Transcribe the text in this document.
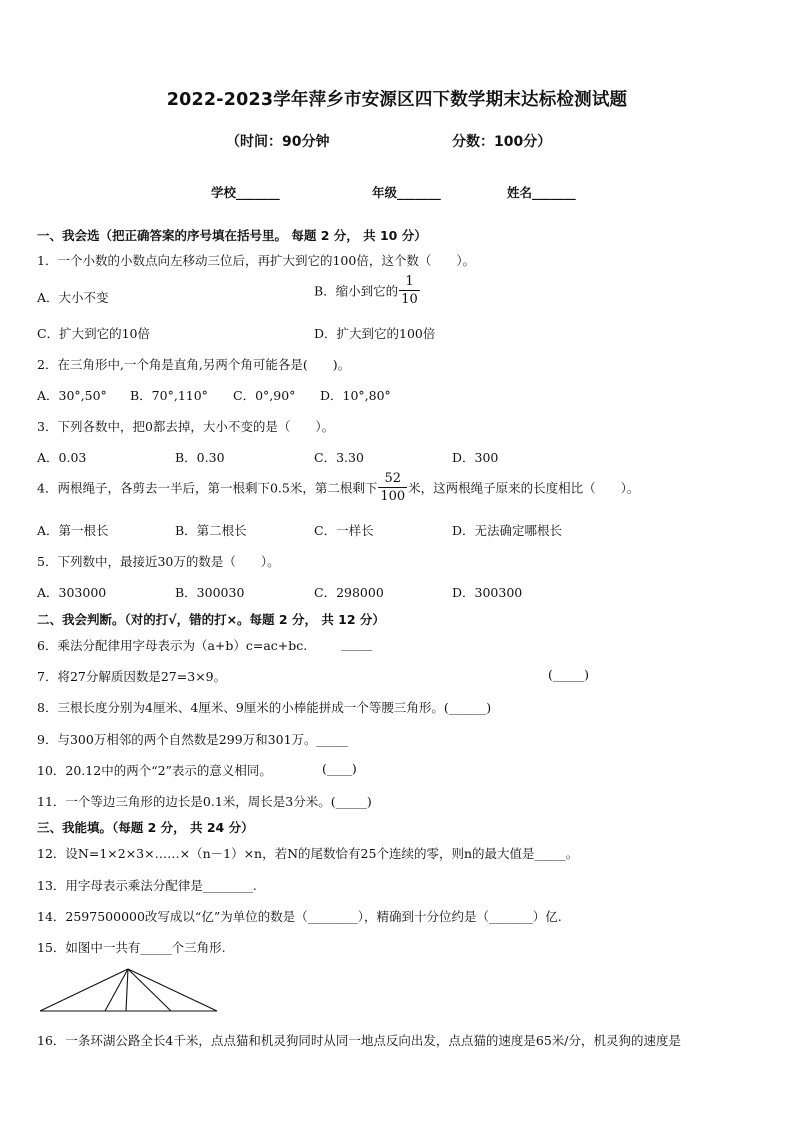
2022-2023学年萍乡市安源区四下数学期末达标检测试题
（时间：90分钟	分数：100分）
学校_______	年级_______	姓名_______
一、我会选（把正确答案的序号填在括号里。 每题 2 分， 共 10 分）
1．一个小数的小数点向左移动三位后，再扩大到它的100倍，这个数（　　）。
A．大小不变	B．缩小到它的 $\frac{1}{10}$
C．扩大到它的10倍	D．扩大到它的100倍
2．在三角形中,一个角是直角,另两个角可能各是(　　)。
A．30°,50° B．70°,110° C．0°,90° D．10°,80°
3．下列各数中，把0都去掉，大小不变的是（　　）。
A．0.03	B．0.30	C．3.30	D．300
4．两根绳子，各剪去一半后，第一根剩下0.5米，第二根剩下 $\frac{52}{100}$ 米，这两根绳子原来的长度相比（　　）。
A．第一根长	B．第二根长	C．一样长	D．无法确定哪根长
5．下列数中，最接近30万的数是（　　）。
A．303000	B．300030	C．298000	D．300300
二、我会判断。（对的打√，错的打×。每题 2 分， 共 12 分）
6．乘法分配律用字母表示为（a+b）c=ac+bc.	_____
7．将27分解质因数是27=3×9。	(_____)
8．三根长度分别为4厘米、4厘米、9厘米的小棒能拼成一个等腰三角形。(______)
9．与300万相邻的两个自然数是299万和301万。_____
10．20.12中的两个“2”表示的意义相同。	(____)
11．一个等边三角形的边长是0.1米，周长是3分米。(_____)
三、我能填。（每题 2 分， 共 24 分）
12．设N=1×2×3×……×（n－1）×n，若N的尾数恰有25个连续的零，则n的最大值是_____。
13．用字母表示乘法分配律是________.
14．2597500000改写成以“亿”为单位的数是（________），精确到十分位约是（_______）亿.
15．如图中一共有_____个三角形.
16．一条环湖公路全长4千米，点点猫和机灵狗同时从同一地点反向出发，点点猫的速度是65米/分，机灵狗的速度是
